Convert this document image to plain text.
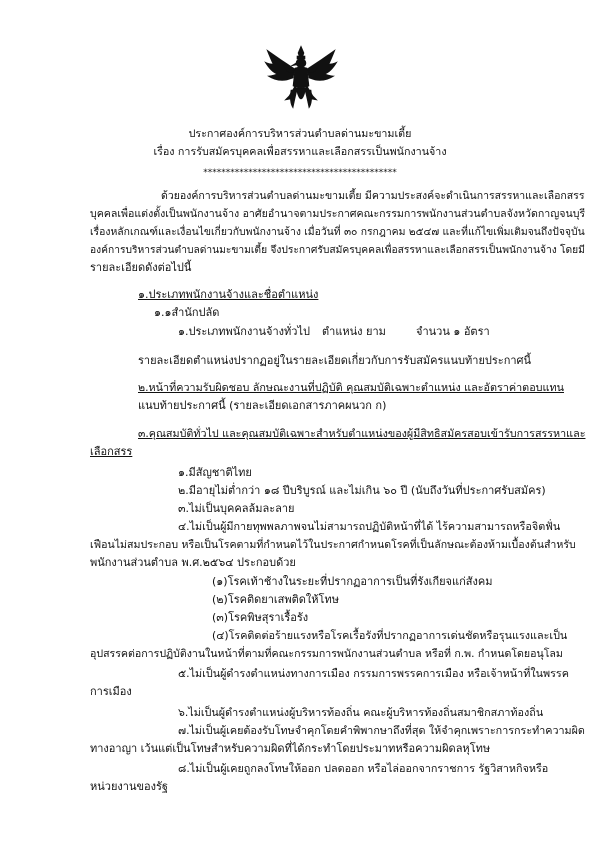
ประกาศองค์การบริหารส่วนตำบลด่านมะขามเตี้ย
เรื่อง การรับสมัครบุคคลเพื่อสรรหาและเลือกสรรเป็นพนักงานจ้าง
*******************************************
ด้วยองค์การบริหารส่วนตำบลด่านมะขามเตี้ย มีความประสงค์จะดำเนินการสรรหาและเลือกสรร
บุคคลเพื่อแต่งตั้งเป็นพนักงานจ้าง อาศัยอำนาจตามประกาศคณะกรรมการพนักงานส่วนตำบลจังหวัดกาญจนบุรี
เรื่องหลักเกณฑ์และเงื่อนไขเกี่ยวกับพนักงานจ้าง เมื่อวันที่ ๓๐ กรกฎาคม ๒๕๔๗ และที่แก้ไขเพิ่มเติมจนถึงปัจจุบัน
องค์การบริหารส่วนตำบลด่านมะขามเตี้ย จึงประกาศรับสมัครบุคคลเพื่อสรรหาและเลือกสรรเป็นพนักงานจ้าง โดยมี
รายละเอียดดังต่อไปนี้
๑.ประเภทพนักงานจ้างและชื่อตำแหน่ง
๑.๑สำนักปลัด
๑.ประเภทพนักงานจ้างทั่วไป ตำแหน่ง ยาม	จำนวน ๑ อัตรา
รายละเอียดตำแหน่งปรากฏอยู่ในรายละเอียดเกี่ยวกับการรับสมัครแนบท้ายประกาศนี้
๒.หน้าที่ความรับผิดชอบ ลักษณะงานที่ปฏิบัติ คุณสมบัติเฉพาะตำแหน่ง และอัตราค่าตอบแทน
แนบท้ายประกาศนี้ (รายละเอียดเอกสารภาคผนวก ก)
๓.คุณสมบัติทั่วไป และคุณสมบัติเฉพาะสำหรับตำแหน่งของผู้มีสิทธิสมัครสอบเข้ารับการสรรหาและ
เลือกสรร
๑.มีสัญชาติไทย
๒.มีอายุไม่ต่ำกว่า ๑๘ ปีบริบูรณ์ และไม่เกิน ๖๐ ปี (นับถึงวันที่ประกาศรับสมัคร)
๓.ไม่เป็นบุคคลล้มละลาย
๔.ไม่เป็นผู้มีกายทุพพลภาพจนไม่สามารถปฏิบัติหน้าที่ได้ ไร้ความสามารถหรือจิตฟั่น
เฟือนไม่สมประกอบ หรือเป็นโรคตามที่กำหนดไว้ในประกาศกำหนดโรคที่เป็นลักษณะต้องห้ามเบื้องต้นสำหรับ
พนักงานส่วนตำบล พ.ศ.๒๕๖๔ ประกอบด้วย
(๑)โรคเท้าช้างในระยะที่ปรากฏอาการเป็นที่รังเกียจแก่สังคม
(๒)โรคติดยาเสพติดให้โทษ
(๓)โรคพิษสุราเรื้อรัง
(๔)โรคติดต่อร้ายแรงหรือโรคเรื้อรังที่ปรากฏอาการเด่นชัดหรือรุนแรงและเป็น
อุปสรรคต่อการปฏิบัติงานในหน้าที่ตามที่คณะกรรมการพนักงานส่วนตำบล หรือที่ ก.พ. กำหนดโดยอนุโลม
๕.ไม่เป็นผู้ดำรงตำแหน่งทางการเมือง กรรมการพรรคการเมือง หรือเจ้าหน้าที่ในพรรค
การเมือง
๖.ไม่เป็นผู้ดำรงตำแหน่งผู้บริหารท้องถิ่น คณะผู้บริหารท้องถิ่นสมาชิกสภาท้องถิ่น
๗.ไม่เป็นผู้เคยต้องรับโทษจำคุกโดยคำพิพากษาถึงที่สุด ให้จำคุกเพราะการกระทำความผิด
ทางอาญา เว้นแต่เป็นโทษสำหรับความผิดที่ได้กระทำโดยประมาทหรือความผิดลหุโทษ
๘.ไม่เป็นผู้เคยถูกลงโทษให้ออก ปลดออก หรือไล่ออกจากราชการ รัฐวิสาหกิจหรือ
หน่วยงานของรัฐ
